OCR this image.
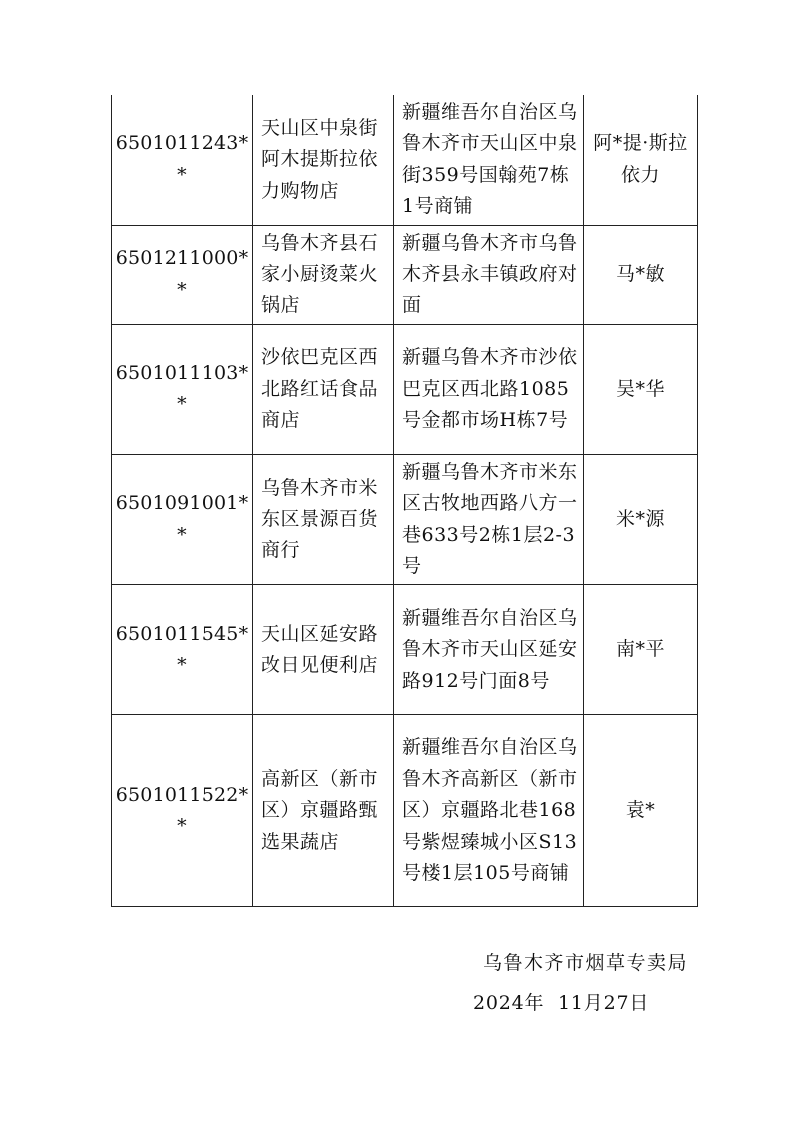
6501011243**	天山区中泉街阿木提斯拉依力购物店	新疆维吾尔自治区乌鲁木齐市天山区中泉街359号国翰苑7栋1号商铺	阿*提·斯拉依力
6501211000**	乌鲁木齐县石家小厨烫菜火锅店	新疆乌鲁木齐市乌鲁木齐县永丰镇政府对面	马*敏
6501011103**	沙依巴克区西北路红话食品商店	新疆乌鲁木齐市沙依巴克区西北路1085号金都市场H栋7号	吴*华
6501091001**	乌鲁木齐市米东区景源百货商行	新疆乌鲁木齐市米东区古牧地西路八方一巷633号2栋1层2-3号	米*源
6501011545**	天山区延安路改日见便利店	新疆维吾尔自治区乌鲁木齐市天山区延安路912号门面8号	南*平
6501011522**	高新区（新市区）京疆路甄选果蔬店	新疆维吾尔自治区乌鲁木齐高新区（新市区）京疆路北巷168号紫煜臻城小区S13号楼1层105号商铺	袁*
乌鲁木齐市烟草专卖局
2024年  11月27日
